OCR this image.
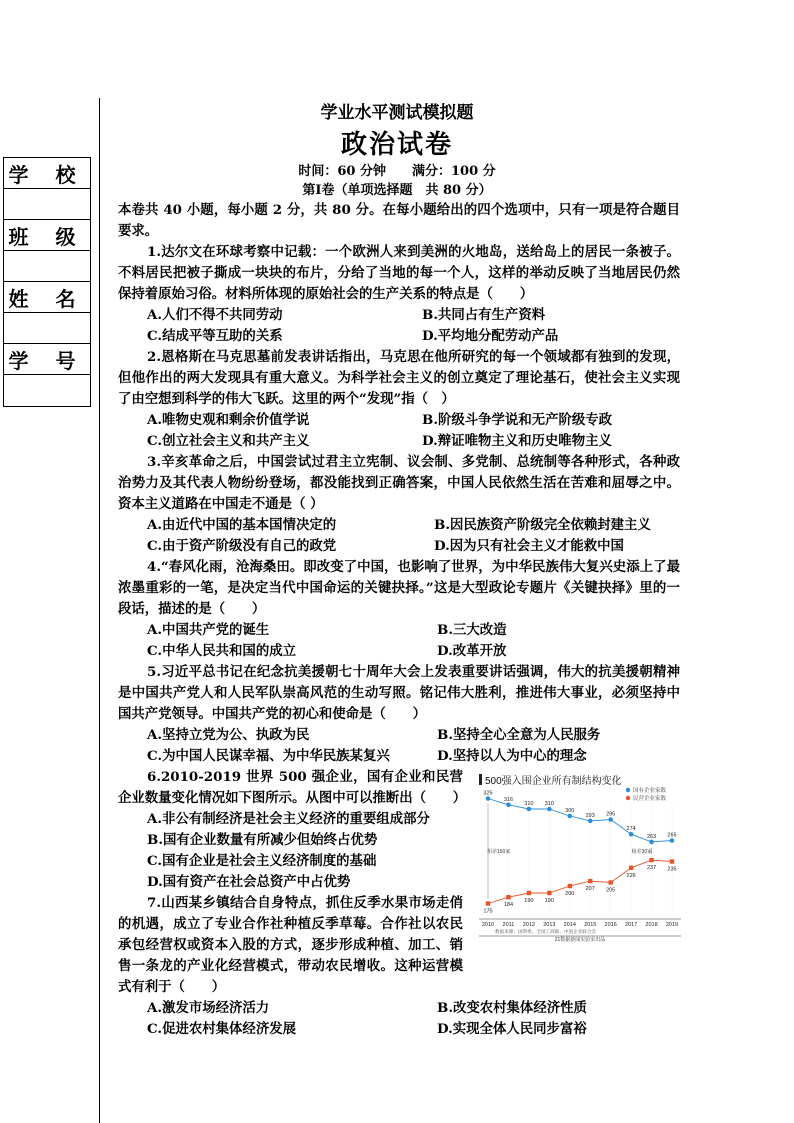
学 校
班 级
姓 名
学 号
学业水平测试模拟题
政治试卷
时间：60 分钟　　满分：100 分
第Ⅰ卷（单项选择题　共 80 分）
本卷共 40 小题，每小题 2 分，共 80 分。在每小题给出的四个选项中，只有一项是符合题目要求。
1.达尔文在环球考察中记载：一个欧洲人来到美洲的火地岛，送给岛上的居民一条被子。不料居民把被子撕成一块块的布片，分给了当地的每一个人，这样的举动反映了当地居民仍然保持着原始习俗。材料所体现的原始社会的生产关系的特点是（　　）
A.人们不得不共同劳动	B.共同占有生产资料
C.结成平等互助的关系	D.平均地分配劳动产品
2.恩格斯在马克思墓前发表讲话指出，马克思在他所研究的每一个领域都有独到的发现，但他作出的两大发现具有重大意义。为科学社会主义的创立奠定了理论基石，使社会主义实现了由空想到科学的伟大飞跃。这里的两个“发现”指（　）
A.唯物史观和剩余价值学说	B.阶级斗争学说和无产阶级专政
C.创立社会主义和共产主义	D.辩证唯物主义和历史唯物主义
3.辛亥革命之后，中国尝试过君主立宪制、议会制、多党制、总统制等各种形式，各种政治势力及其代表人物纷纷登场，都没能找到正确答案，中国人民依然生活在苦难和屈辱之中。资本主义道路在中国走不通是（ ）
A.由近代中国的基本国情决定的	B.因民族资产阶级完全依赖封建主义
C.由于资产阶级没有自己的政党	D.因为只有社会主义才能救中国
4.“春风化雨，沧海桑田。即改变了中国，也影响了世界，为中华民族伟大复兴史添上了最浓墨重彩的一笔，是决定当代中国命运的关键抉择。”这是大型政论专题片《关键抉择》里的一段话，描述的是（　　）
A.中国共产党的诞生	B.三大改造
C.中华人民共和国的成立	D.改革开放
5.习近平总书记在纪念抗美援朝七十周年大会上发表重要讲话强调，伟大的抗美援朝精神是中国共产党人和人民军队崇高风范的生动写照。铭记伟大胜利，推进伟大事业，必须坚持中国共产党领导。中国共产党的初心和使命是（　　）
A.坚持立党为公、执政为民	B.坚持全心全意为人民服务
C.为中国人民谋幸福、为中华民族某复兴	D.坚持以人为中心的理念
6.2010-2019 世界 500 强企业，国有企业和民营企业数量变化情况如下图所示。从图中可以推断出（　　）
A.非公有制经济是社会主义经济的重要组成部分
B.国有企业数量有所减少但始终占优势
C.国有企业是社会主义经济制度的基础
D.国有资产在社会总资产中占优势
7.山西某乡镇结合自身特点，抓住反季水果市场走俏的机遇，成立了专业合作社种植反季草莓。合作社以农民承包经营权或资本入股的方式，逐步形成种植、加工、销售一条龙的产业化经营模式，带动农民增收。这种运营模式有利于（　　）
A.激发市场经济活力	B.改变农村集体经济性质
C.促进农村集体经济发展	D.实现全体人民同步富裕
500强入围企业所有制结构变化
国有企业家数
民营企业家数
2010 2011 2012 2013 2014 2015 2016 2017 2018 2019
相差150家	相差30家
325
316
310 310
300
293 295
274
263 265
175
184
190 190
200
207 205
226
237 235
数据来源：国资委、全国工商联、中国企业联合会
21数据新闻实验室出品
